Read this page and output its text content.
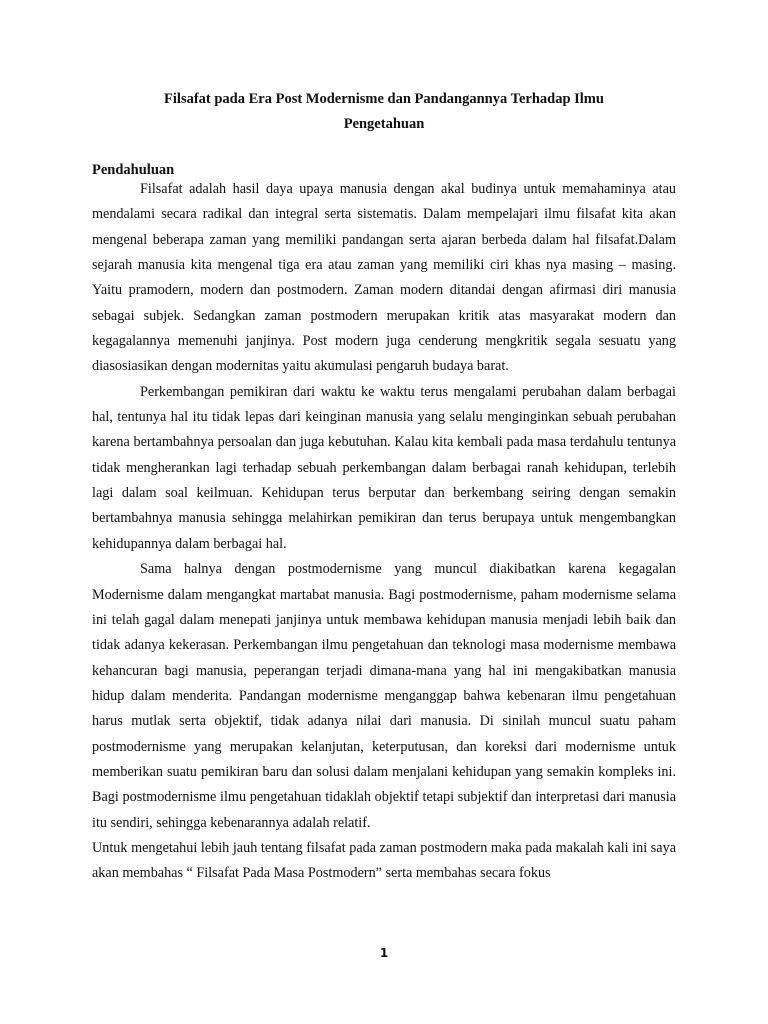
Filsafat pada Era Post Modernisme dan Pandangannya Terhadap Ilmu
Pengetahuan
Pendahuluan

Filsafat adalah hasil daya upaya manusia dengan akal budinya untuk memahaminya atau mendalami secara radikal dan integral serta sistematis. Dalam mempelajari ilmu filsafat kita akan mengenal beberapa zaman yang memiliki pandangan serta ajaran berbeda dalam hal filsafat.Dalam sejarah manusia kita mengenal tiga era atau zaman yang memiliki ciri khas nya masing – masing. Yaitu pramodern, modern dan postmodern. Zaman modern ditandai dengan afirmasi diri manusia sebagai subjek. Sedangkan zaman postmodern merupakan kritik atas masyarakat modern dan kegagalannya memenuhi janjinya. Post modern juga cenderung mengkritik segala sesuatu yang diasosiasikan dengan modernitas yaitu akumulasi pengaruh budaya barat.

Perkembangan pemikiran dari waktu ke waktu terus mengalami perubahan dalam berbagai hal, tentunya hal itu tidak lepas dari keinginan manusia yang selalu menginginkan sebuah perubahan karena bertambahnya persoalan dan juga kebutuhan. Kalau kita kembali pada masa terdahulu tentunya tidak mengherankan lagi terhadap sebuah perkembangan dalam berbagai ranah kehidupan, terlebih lagi dalam soal keilmuan. Kehidupan terus berputar dan berkembang seiring dengan semakin bertambahnya manusia sehingga melahirkan pemikiran dan terus berupaya untuk mengembangkan kehidupannya dalam berbagai hal.

Sama halnya dengan postmodernisme yang muncul diakibatkan karena kegagalan Modernisme dalam mengangkat martabat manusia. Bagi postmodernisme, paham modernisme selama ini telah gagal dalam menepati janjinya untuk membawa kehidupan manusia menjadi lebih baik dan tidak adanya kekerasan. Perkembangan ilmu pengetahuan dan teknologi masa modernisme membawa kehancuran bagi manusia, peperangan terjadi dimana-mana yang hal ini mengakibatkan manusia hidup dalam menderita. Pandangan modernisme menganggap bahwa kebenaran ilmu pengetahuan harus mutlak serta objektif, tidak adanya nilai dari manusia. Di sinilah muncul suatu paham postmodernisme yang merupakan kelanjutan, keterputusan, dan koreksi dari modernisme untuk memberikan suatu pemikiran baru dan solusi dalam menjalani kehidupan yang semakin kompleks ini. Bagi postmodernisme ilmu pengetahuan tidaklah objektif tetapi subjektif dan interpretasi dari manusia itu sendiri, sehingga kebenarannya adalah relatif.

Untuk mengetahui lebih jauh tentang filsafat pada zaman postmodern maka pada makalah kali ini saya akan membahas “ Filsafat Pada Masa Postmodern” serta membahas secara fokus

1
